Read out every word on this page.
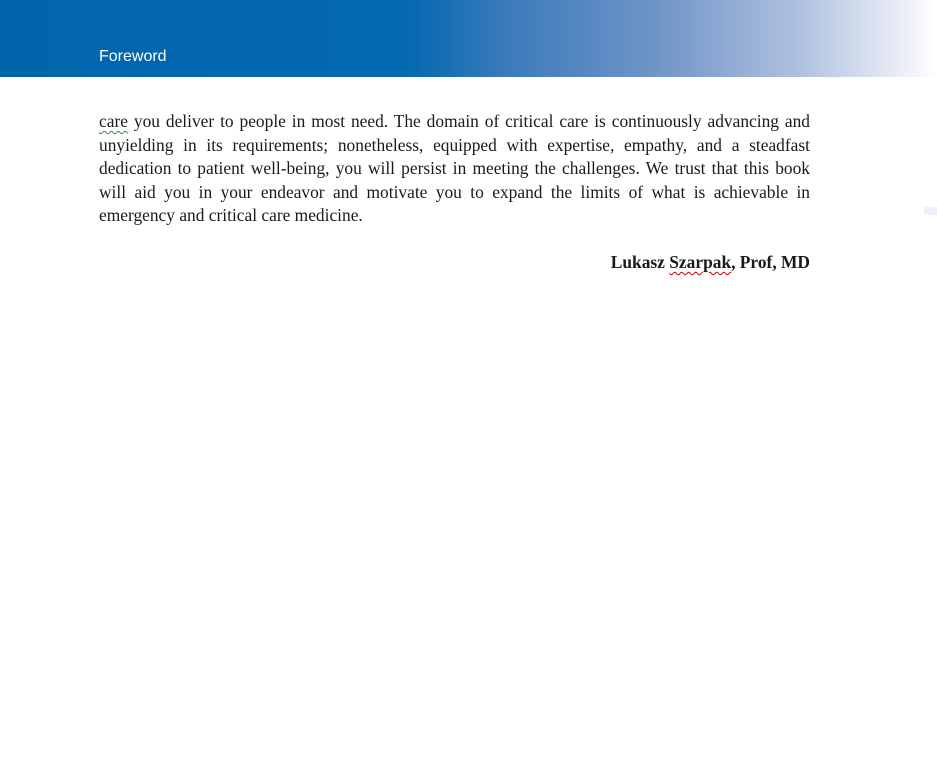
Foreword

care you deliver to people in most need. The domain of critical care is continuously advancing and unyielding in its requirements; nonetheless, equipped with expertise, empathy, and a steadfast dedication to patient well-being, you will persist in meeting the challenges. We trust that this book will aid you in your endeavor and motivate you to expand the limits of what is achievable in emergency and critical care medicine.

Lukasz Szarpak, Prof, MD
